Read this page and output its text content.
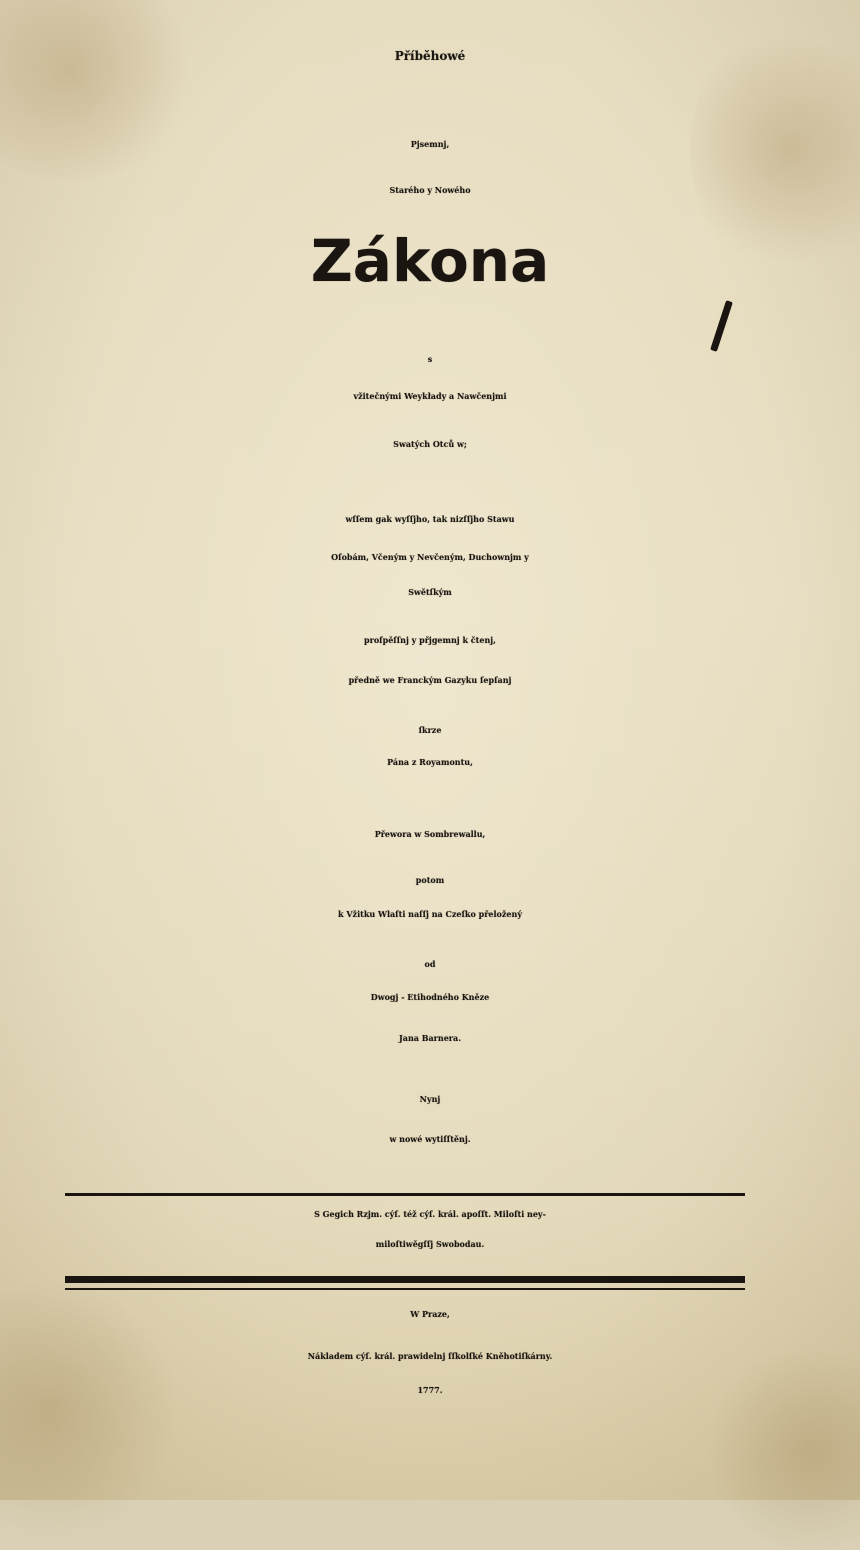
Příběhowé
Pjsemnj,
Starého y Nowého
Zákona
s
vžitečnými Weykłady a Nawčenjmi
Swatých Otců w;
wſſem gak wyſſjho, tak nizſſjho Stawu
Oſobám, Včeným y Nevčeným, Duchownjm y
Swětſkým
proſpěſſnj y přjgemnj k čtenj,
předně we Franckým Gazyku ſepſanj
ſkrze
Pána z Royamontu,
Přewora w Sombrewallu,
potom
k Vžitku Wlaſti naſſj na Czeſko přeložený
od
Dwogj - Etihodného Kněze
Jana Barnera.
Nynj
w nowé wytiſſtěnj.
S Gegich Rzjm. cýſ. též cýſ. král. apoſſt. Miloſti ney-
miloſtiwěgſſj Swobodau.
W Praze,
Nákladem cýſ. král. prawidelnj ſſkolſké Kněhotiſkárny.
1777.
